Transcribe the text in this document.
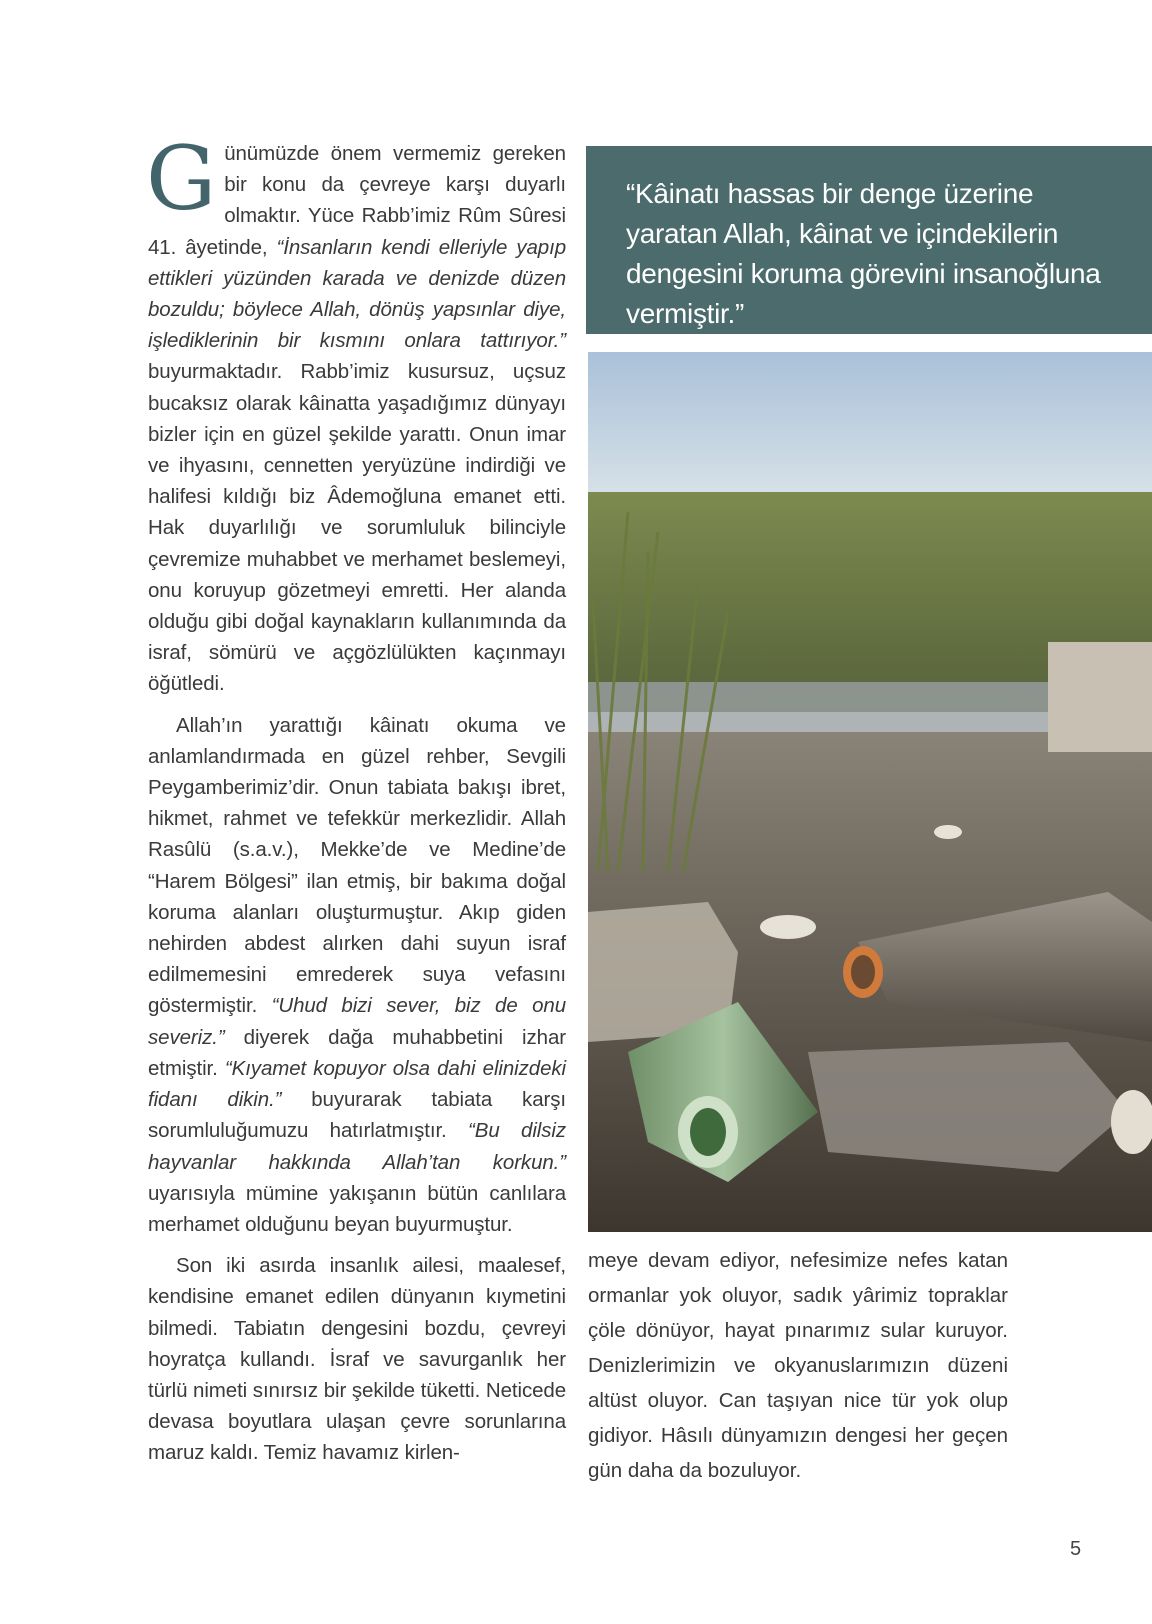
Günümüzde önem vermemiz gereken bir konu da çevreye karşı duyarlı olmaktır. Yüce Rabb’imiz Rûm Sûresi 41. âyetinde, “İnsanların kendi elleriyle yapıp ettikleri yüzünden karada ve denizde düzen bozuldu; böylece Allah, dönüş yapsınlar diye, işlediklerinin bir kısmını onlara tattırıyor.” buyurmaktadır. Rabb’imiz kusursuz, uçsuz bucaksız olarak kâinatta yaşadığımız dünyayı bizler için en güzel şekilde yarattı. Onun imar ve ihyasını, cennetten yeryüzüne indirdiği ve halifesi kıldığı biz Âdemoğluna emanet etti. Hak duyarlılığı ve sorumluluk bilinciyle çevremize muhabbet ve merhamet beslemeyi, onu koruyup gözetmeyi emretti. Her alanda olduğu gibi doğal kaynakların kullanımında da israf, sömürü ve açgözlülükten kaçınmayı öğütledi.

Allah’ın yarattığı kâinatı okuma ve anlamlandırmada en güzel rehber, Sevgili Peygamberimiz’dir. Onun tabiata bakışı ibret, hikmet, rahmet ve tefekkür merkezlidir. Allah Rasûlü (s.a.v.), Mekke’de ve Medine’de “Harem Bölgesi” ilan etmiş, bir bakıma doğal koruma alanları oluşturmuştur. Akıp giden nehirden abdest alırken dahi suyun israf edilmemesini emrederek suya vefasını göstermiştir. “Uhud bizi sever, biz de onu severiz.” diyerek dağa muhabbetini izhar etmiştir. “Kıyamet kopuyor olsa dahi elinizdeki fidanı dikin.” buyurarak tabiata karşı sorumluluğumuzu hatırlatmıştır. “Bu dilsiz hayvanlar hakkında Allah’tan korkun.” uyarısıyla mümine yakışanın bütün canlılara merhamet olduğunu beyan buyurmuştur.

Son iki asırda insanlık ailesi, maalesef, kendisine emanet edilen dünyanın kıymetini bilmedi. Tabiatın dengesini bozdu, çevreyi hoyratça kullandı. İsraf ve savurganlık her türlü nimeti sınırsız bir şekilde tüketti. Neticede devasa boyutlara ulaşan çevre sorunlarına maruz kaldı. Temiz havamız kirlen-

“Kâinatı hassas bir denge üzerine yaratan Allah, kâinat ve içindekilerin dengesini koruma görevini insanoğluna vermiştir.”

meye devam ediyor, nefesimize nefes katan ormanlar yok oluyor, sadık yârimiz topraklar çöle dönüyor, hayat pınarımız sular kuruyor. Denizlerimizin ve okyanuslarımızın düzeni altüst oluyor. Can taşıyan nice tür yok olup gidiyor. Hâsılı dünyamızın dengesi her geçen gün daha da bozuluyor.

5
